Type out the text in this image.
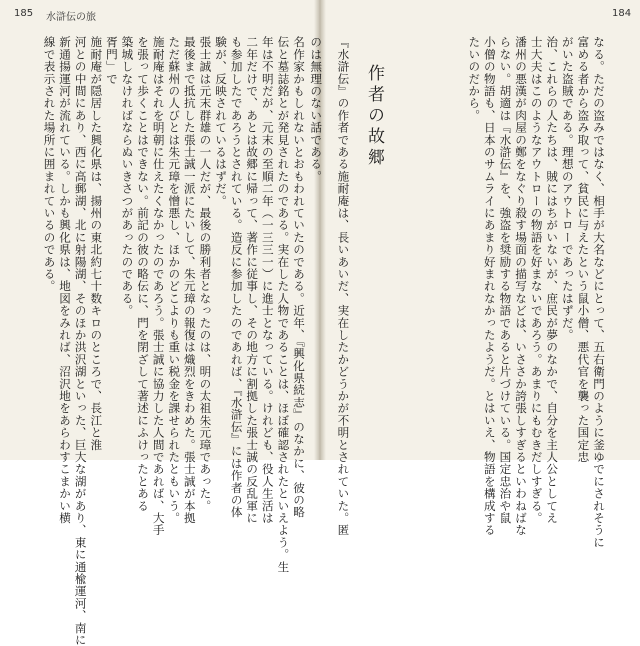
185 水滸伝の旅	184

名作家かもしれないとおもわれていたのである。近年、『興化県続志』のなかに、彼の略

伝と墓誌銘とが発見されたのである。実在した人物であることは、ほぼ確認されたといえよう。生

年は不明だが、元末の至順二年（一三三一）に進士となっている。けれども、役人生活は

二年だけで、あとは故郷に帰って、著作に従事し、その地方に割拠した張士誠の反乱軍に

も参加したであろうとされている。造反に参加したのであれば、『水滸伝』には作者の体

験が、反映されているはずだ。

張士誠は元末群雄の一人だが、最後の勝利者となったのは、明の太祖朱元璋であった。

最後まで抵抗した張士誠一派にたいして、朱元璋の報復は熾烈をきわめた。張士誠が本拠

ただ蘇州の人びとは朱元璋を憎悪し、ほかのどこよりも重い税金を課せられたともいう。

施耐庵はそれを明朝に仕えたくなかったのであろう。張士誠に協力した人間であれば、大手

を張って歩くことはできない。前記の彼の略伝に、門を閉ざして著述にふけったとある

築城しなければならぬいきさつがあったのである。

胥門」で

施耐庵が隠居した興化県は、揚州の東北約七十数キロのところで、長江と淮

河との中間にあり、西に高郵湖、北に射陽湖、そのほか洪沢湖といった、巨大な湖があり、東に通楡運河、南に

新通揚運河が流れている。しかも興化県は、地図をみれば、沼沢地をあらわすこまかい横

線で表示された場所に囲まれているのである。	『水滸伝』の作者である施耐庵は、長いあいだ、実在したかどうかが不明とされていた。匿

のは無理のない話である。 作者の故郷	なる。ただの盗みではなく、相手が大名などにとって、五右衛門のように釜ゆでにされそうに

富める者から盗み取って、貧民に与えたという鼠小僧、悪代官を襲った国定忠

がいた盗賊である。理想のアウトローであったはずだ。

治、これらの人たちは、賊にはちがいないが、庶民が夢のなかで、自分を主人公としてえ

士大夫はこのようなアウトローの物語を好まないであろう。あまりにもむきだしすぎる。

潘州の悪漢が肉屋の鄭をなぐり殺す場面の描写などは、いささか誇張しすぎるといわねばな

らない。胡適は『水滸伝』を、強盗を奨励する物語であると片づけている。国定忠治や鼠

小僧の物語も、日本のサムライにあまり好まれなかったようだ。とはいえ、物語を構成する

たいのだから。
